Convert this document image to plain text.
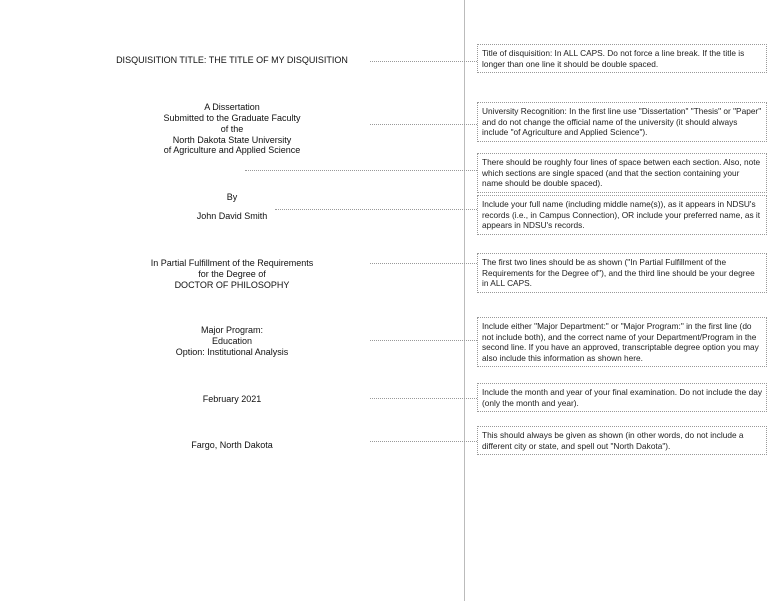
DISQUISITION TITLE: THE TITLE OF MY DISQUISITION
A Dissertation
Submitted to the Graduate Faculty
of the
North Dakota State University
of Agriculture and Applied Science
By
John David Smith
In Partial Fulfillment of the Requirements
for the Degree of
DOCTOR OF PHILOSOPHY
Major Program:
Education
Option: Institutional Analysis
February 2021
Fargo, North Dakota
Title of disquisition: In ALL CAPS. Do not force a line break. If the title is longer than one line it should be double spaced.
University Recognition: In the first line use "Dissertation" "Thesis" or "Paper" and do not change the official name of the university (it should always include "of Agriculture and Applied Science").
There should be roughly four lines of space betwen each section. Also, note which sections are single spaced (and that the section containing your name should be double spaced).
Include your full name (including middle name(s)), as it appears in NDSU's records (i.e., in Campus Connection), OR include your preferred name, as it appears in NDSU's records.
The first two lines should be as shown ("In Partial Fulfillment of the Requirements for the Degree of"), and the third line should be your degree in ALL CAPS.
Include either "Major Department:" or "Major Program:" in the first line (do not include both), and the correct name of your Department/Program in the second line. If you have an approved, transcriptable degree option you may also include this information as shown here.
Include the month and year of your final examination. Do not include the day (only the month and year).
This should always be given as shown (in other words, do not include a different city or state, and spell out "North Dakota").
